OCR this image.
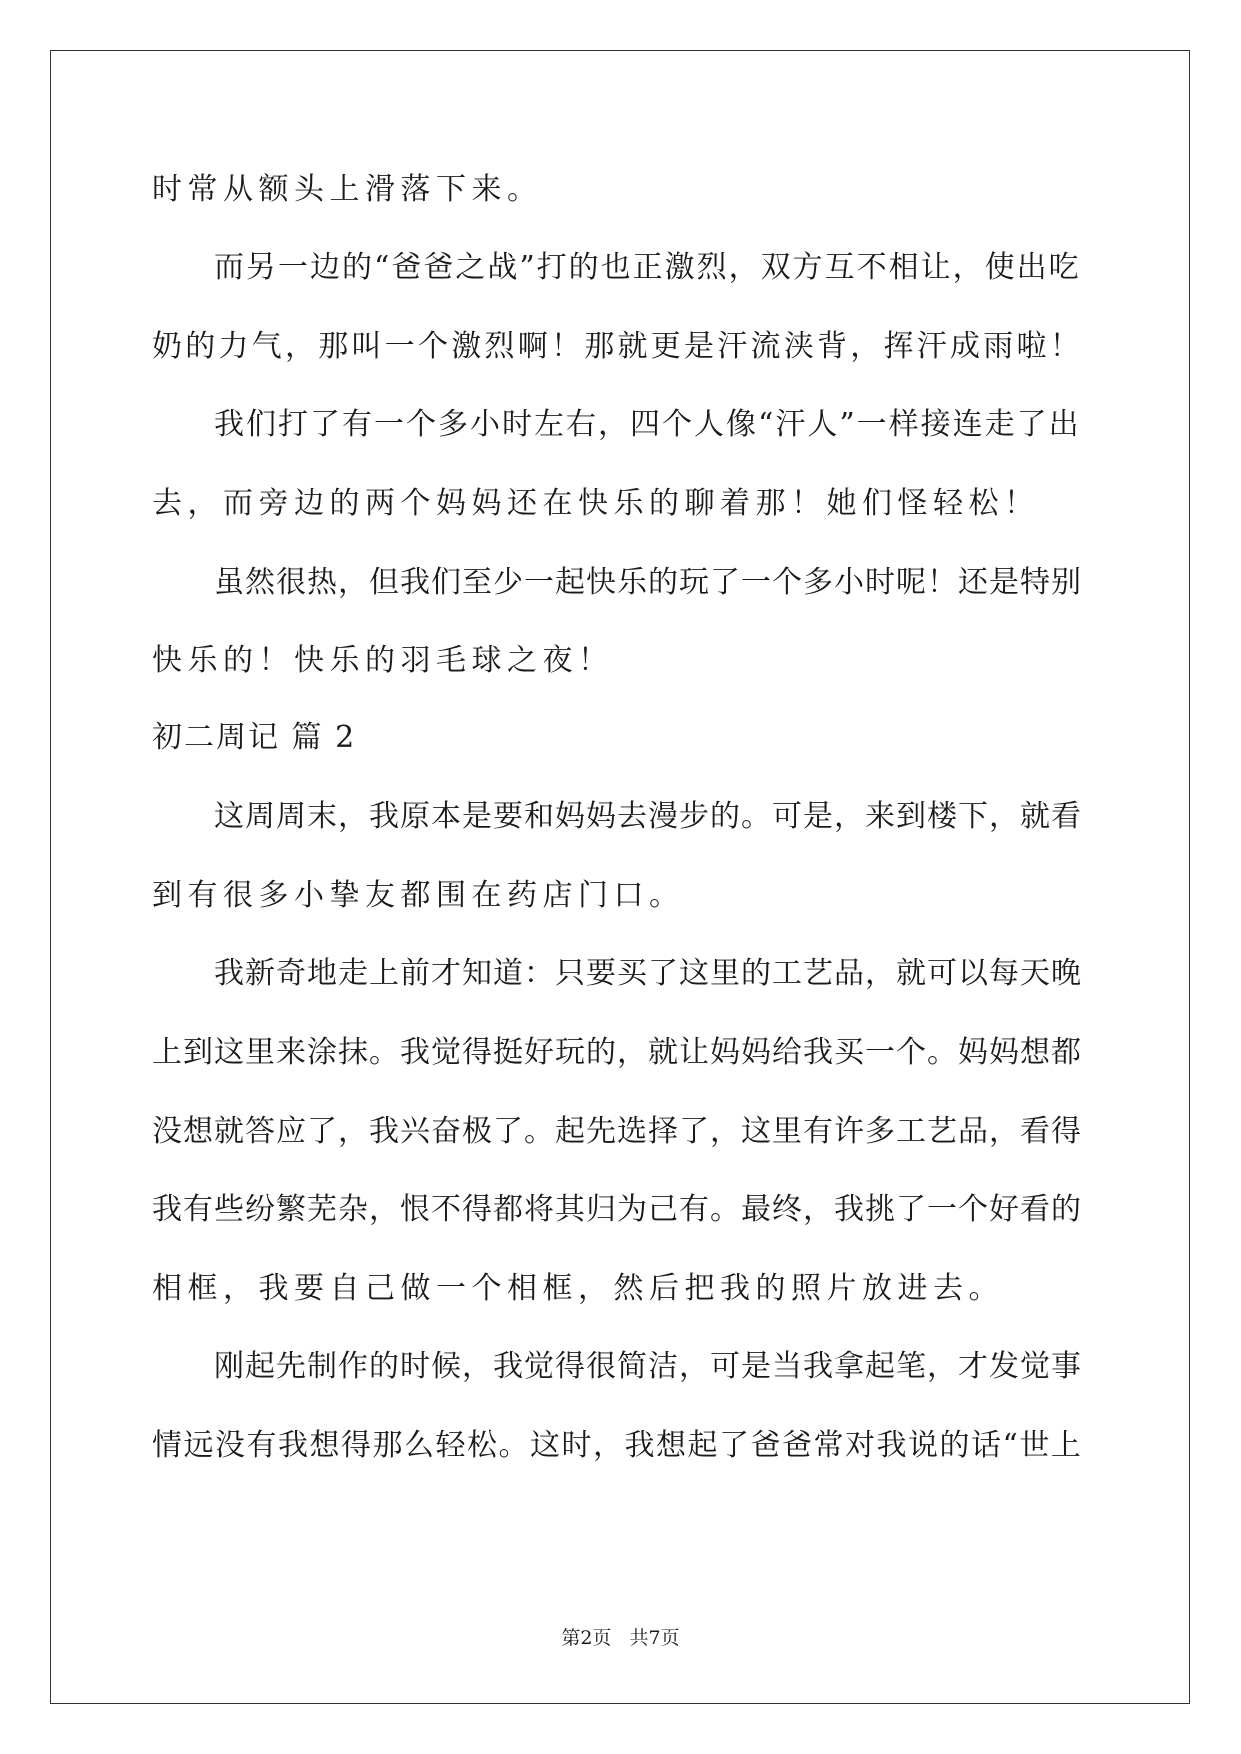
时常从额头上滑落下来。
而另一边的“爸爸之战”打的也正激烈，双方互不相让，使出吃
奶的力气，那叫一个激烈啊！那就更是汗流浃背，挥汗成雨啦！
我们打了有一个多小时左右，四个人像“汗人”一样接连走了出
去，而旁边的两个妈妈还在快乐的聊着那！她们怪轻松！
虽然很热，但我们至少一起快乐的玩了一个多小时呢！还是特别
快乐的！快乐的羽毛球之夜！
初二周记 篇 2
这周周末，我原本是要和妈妈去漫步的。可是，来到楼下，就看
到有很多小挚友都围在药店门口。
我新奇地走上前才知道：只要买了这里的工艺品，就可以每天晚
上到这里来涂抹。我觉得挺好玩的，就让妈妈给我买一个。妈妈想都
没想就答应了，我兴奋极了。起先选择了，这里有许多工艺品，看得
我有些纷繁芜杂，恨不得都将其归为己有。最终，我挑了一个好看的
相框，我要自己做一个相框，然后把我的照片放进去。
刚起先制作的时候，我觉得很简洁，可是当我拿起笔，才发觉事
情远没有我想得那么轻松。这时，我想起了爸爸常对我说的话“世上
第2页   共7页
